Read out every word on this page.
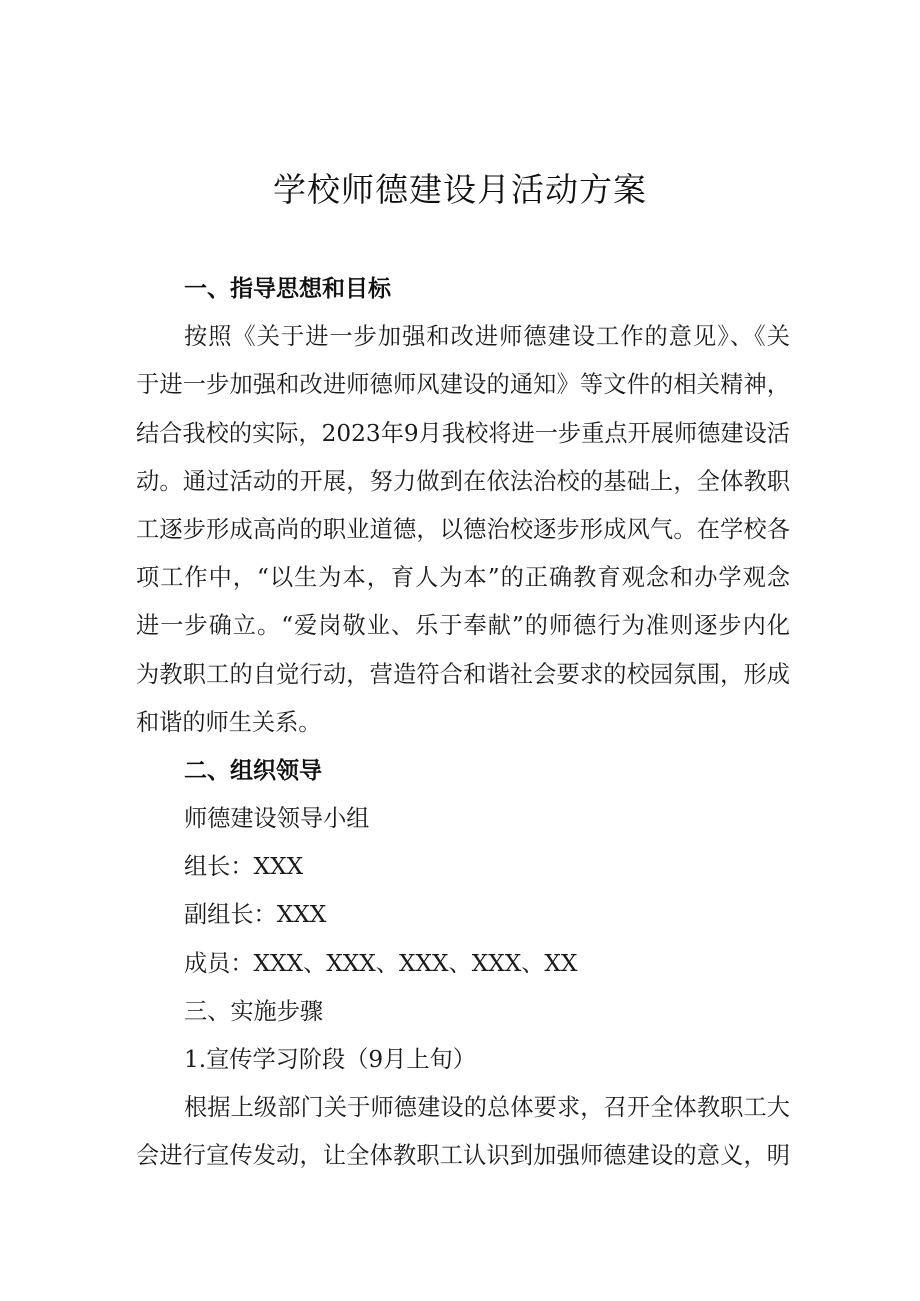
学校师德建设月活动方案
一、指导思想和目标
按照《关于进一步加强和改进师德建设工作的意见》、《关
于进一步加强和改进师德师风建设的通知》等文件的相关精神，
结合我校的实际，2023年9月我校将进一步重点开展师德建设活
动。通过活动的开展，努力做到在依法治校的基础上，全体教职
工逐步形成高尚的职业道德，以德治校逐步形成风气。在学校各
项工作中，“以生为本，育人为本”的正确教育观念和办学观念
进一步确立。“爱岗敬业、乐于奉献”的师德行为准则逐步内化
为教职工的自觉行动，营造符合和谐社会要求的校园氛围，形成
和谐的师生关系。
二、组织领导
师德建设领导小组
组长：XXX
副组长：XXX
成员：XXX、XXX、XXX、XXX、XX
三、实施步骤
1.宣传学习阶段（9月上旬）
根据上级部门关于师德建设的总体要求，召开全体教职工大
会进行宣传发动，让全体教职工认识到加强师德建设的意义，明
